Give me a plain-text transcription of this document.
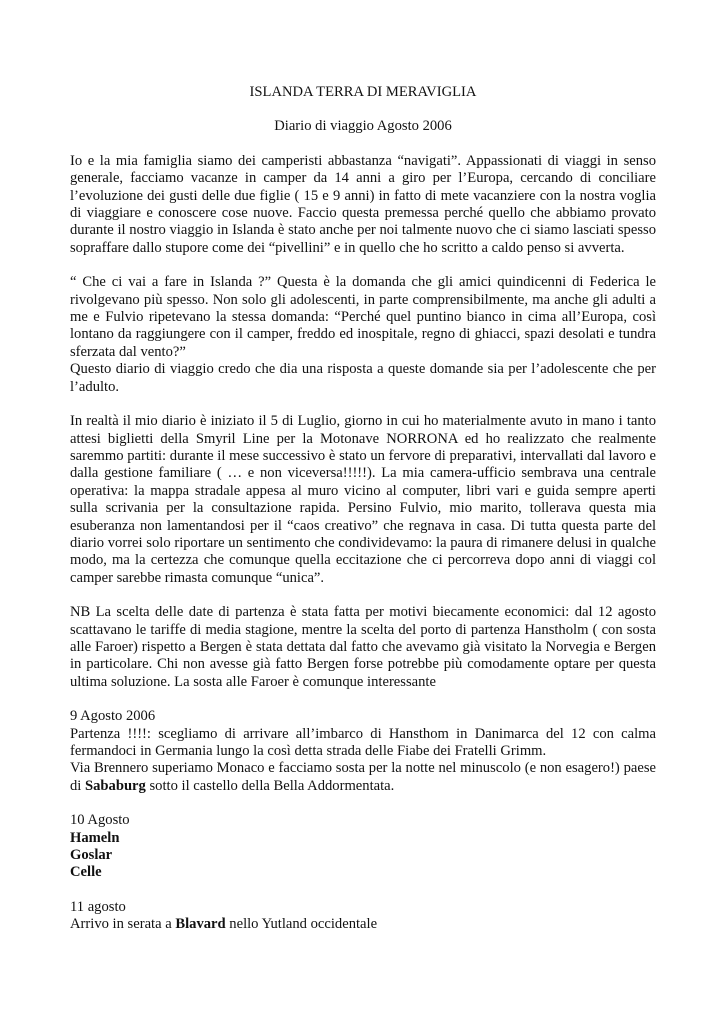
ISLANDA TERRA DI MERAVIGLIA

Diario di viaggio Agosto 2006

Io e la mia famiglia siamo dei camperisti abbastanza “navigati”. Appassionati di viaggi in senso generale, facciamo vacanze in camper da 14 anni a giro per l’Europa, cercando di conciliare l’evoluzione dei gusti delle due figlie ( 15 e 9 anni) in fatto di mete vacanziere con la nostra voglia di viaggiare e conoscere cose nuove. Faccio questa premessa perché quello che abbiamo provato durante il nostro viaggio in Islanda è stato anche per noi talmente nuovo che ci siamo lasciati spesso sopraffare dallo stupore come dei “pivellini” e in quello che ho scritto a caldo penso si avverta.

“ Che ci vai a fare in Islanda ?” Questa è la domanda che gli amici quindicenni di Federica le rivolgevano più spesso. Non solo gli adolescenti, in parte comprensibilmente, ma anche gli adulti a me e Fulvio ripetevano la stessa domanda: “Perché quel puntino bianco in cima all’Europa, così lontano da raggiungere con il camper, freddo ed inospitale, regno di ghiacci, spazi desolati e tundra sferzata dal vento?”

Questo diario di viaggio credo che dia una risposta a queste domande sia per l’adolescente che per l’adulto.

In realtà il mio diario è iniziato il 5 di Luglio, giorno in cui ho materialmente avuto in mano i tanto attesi biglietti della Smyril Line per la Motonave NORRONA ed ho realizzato che realmente saremmo partiti: durante il mese successivo è stato un fervore di preparativi, intervallati dal lavoro e dalla gestione familiare ( … e non viceversa!!!!!). La mia camera-ufficio sembrava una centrale operativa: la mappa stradale appesa al muro vicino al computer, libri vari e guida sempre aperti sulla scrivania per la consultazione rapida. Persino Fulvio, mio marito, tollerava questa mia esuberanza non lamentandosi per il “caos creativo” che regnava in casa. Di tutta questa parte del diario vorrei solo riportare un sentimento che condividevamo: la paura di rimanere delusi in qualche modo, ma la certezza che comunque quella eccitazione che ci percorreva dopo anni di viaggi col camper sarebbe rimasta comunque “unica”.

NB La scelta delle date di partenza è stata fatta per motivi biecamente economici: dal 12 agosto scattavano le tariffe di media stagione, mentre la scelta del porto di partenza Hanstholm ( con sosta alle Faroer) rispetto a Bergen è stata dettata dal fatto che avevamo già visitato la Norvegia e Bergen in particolare. Chi non avesse già fatto Bergen forse potrebbe più comodamente optare per questa ultima soluzione. La sosta alle Faroer è comunque interessante

9 Agosto 2006
Partenza !!!!: scegliamo di arrivare all’imbarco di Hansthom in Danimarca del 12 con calma fermandoci in Germania lungo la così detta strada delle Fiabe dei Fratelli Grimm.
Via Brennero superiamo Monaco e facciamo sosta per la notte nel minuscolo (e non esagero!) paese di Sababurg sotto il castello della Bella Addormentata.
10 Agosto
Hameln
Goslar
Celle
11 agosto
Arrivo in serata a Blavard nello Yutland occidentale
